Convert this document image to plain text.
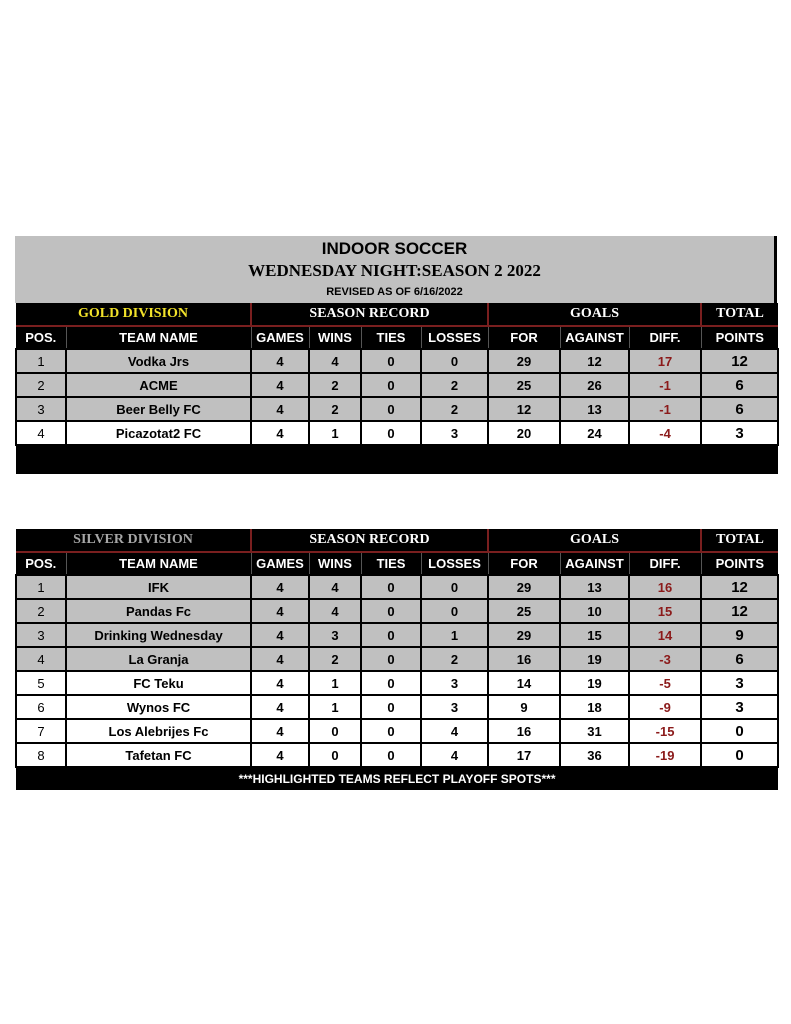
INDOOR SOCCER
WEDNESDAY NIGHT:SEASON 2 2022
REVISED AS OF 6/16/2022
GOLD DIVISION		SEASON RECORD				GOALS			TOTAL
POS.	TEAM NAME	GAMES	WINS	TIES	LOSSES	FOR	AGAINST	DIFF.	POINTS
1	Vodka Jrs	4	4	0	0	29	12	17	12
2	ACME	4	2	0	2	25	26	-1	6
3	Beer Belly FC	4	2	0	2	12	13	-1	6
4	Picazotat2 FC	4	1	0	3	20	24	-4	3

SILVER DIVISION		SEASON RECORD				GOALS			TOTAL
POS.	TEAM NAME	GAMES	WINS	TIES	LOSSES	FOR	AGAINST	DIFF.	POINTS
1	IFK	4	4	0	0	29	13	16	12
2	Pandas Fc	4	4	0	0	25	10	15	12
3	Drinking Wednesday	4	3	0	1	29	15	14	9
4	La Granja	4	2	0	2	16	19	-3	6
5	FC Teku	4	1	0	3	14	19	-5	3
6	Wynos FC	4	1	0	3	9	18	-9	3
7	Los Alebrijes Fc	4	0	0	4	16	31	-15	0
8	Tafetan FC	4	0	0	4	17	36	-19	0
***HIGHLIGHTED TEAMS REFLECT PLAYOFF SPOTS***									
